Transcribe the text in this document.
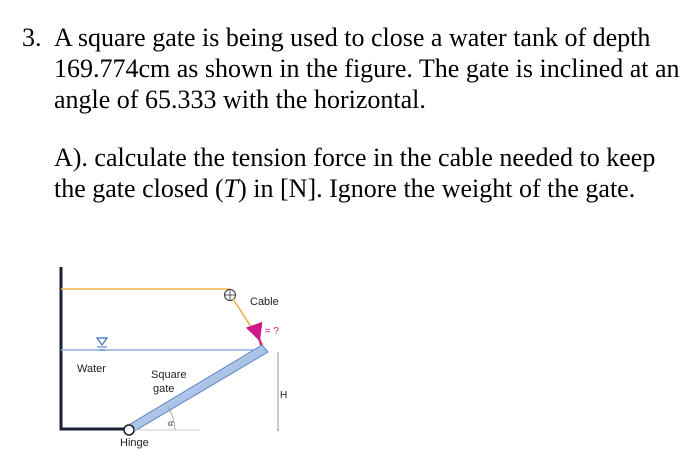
3. A square gate is being used to close a water tank of depth 169.774cm as shown in the figure. The gate is inclined at an angle of 65.333 with the horizontal.
A). calculate the tension force in the cable needed to keep the gate closed (T) in [N]. Ignore the weight of the gate.
Cable
T = ?
Water	Square
gate
H
α
Hinge
